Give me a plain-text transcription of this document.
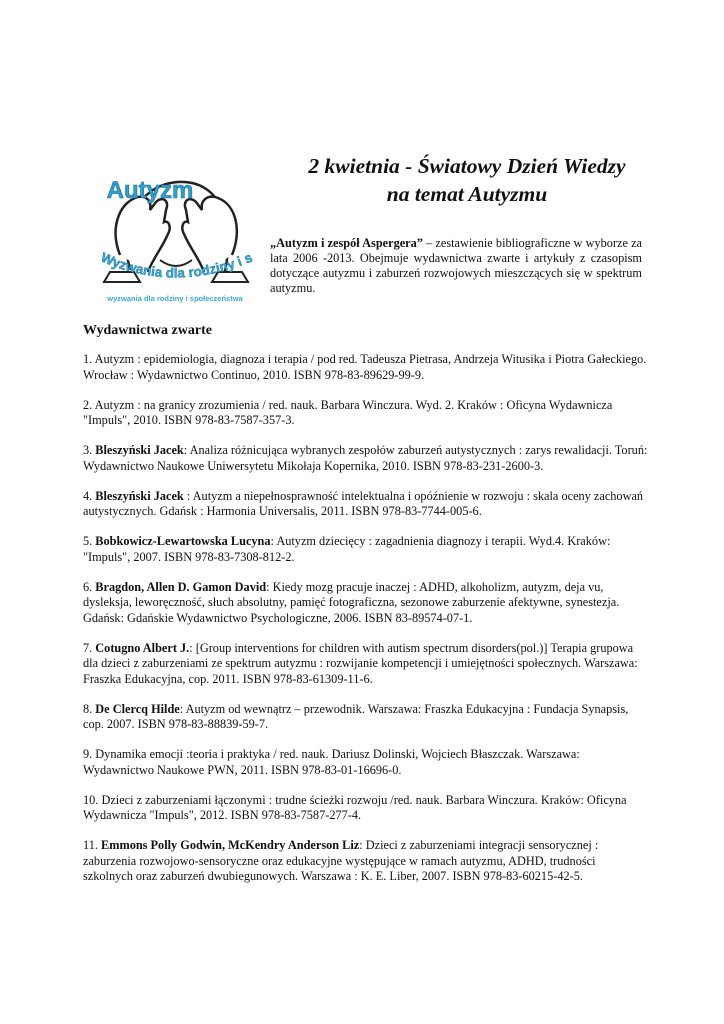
Autyzm
Wyzwania dla rodziny i s
wyzwania dla rodziny i społeczeństwa
2 kwietnia - Światowy Dzień Wiedzy
na temat Autyzmu

„Autyzm i zespół Aspergera” – zestawienie bibliograficzne w wyborze za lata 2006 -2013. Obejmuje wydawnictwa zwarte i artykuły z czasopism dotyczące autyzmu i zaburzeń rozwojowych mieszczących się w spektrum autyzmu.

Wydawnictwa zwarte
1. Autyzm : epidemiologia, diagnoza i terapia / pod red. Tadeusza Pietrasa, Andrzeja Witusika i Piotra Gałeckiego. Wrocław : Wydawnictwo Continuo, 2010. ISBN 978-83-89629-99-9.
2. Autyzm : na granicy zrozumienia / red. nauk. Barbara Winczura. Wyd. 2. Kraków : Oficyna Wydawnicza "Impuls", 2010. ISBN 978-83-7587-357-3.
3. Bleszyński Jacek: Analiza różnicująca wybranych zespołów zaburzeń autystycznych : zarys rewalidacji. Toruń: Wydawnictwo Naukowe Uniwersytetu Mikołaja Kopernika, 2010. ISBN 978-83-231-2600-3.
4. Bleszyński Jacek : Autyzm a niepełnosprawność intelektualna i opóźnienie w rozwoju : skala oceny zachowań autystycznych. Gdańsk : Harmonia Universalis, 2011. ISBN 978-83-7744-005-6.
5. Bobkowicz-Lewartowska Lucyna: Autyzm dziecięcy : zagadnienia diagnozy i terapii. Wyd.4. Kraków: "Impuls", 2007. ISBN 978-83-7308-812-2.
6. Bragdon, Allen D. Gamon David: Kiedy mozg pracuje inaczej : ADHD, alkoholizm, autyzm, deja vu, dysleksja, leworęczność, słuch absolutny, pamięć fotograficzna, sezonowe zaburzenie afektywne, synestezja. Gdańsk: Gdańskie Wydawnictwo Psychologiczne, 2006. ISBN 83-89574-07-1.
7. Cotugno Albert J.: [Group interventions for children with autism spectrum disorders(pol.)] Terapia grupowa dla dzieci z zaburzeniami ze spektrum autyzmu : rozwijanie kompetencji i umiejętności społecznych. Warszawa: Fraszka Edukacyjna, cop. 2011. ISBN 978-83-61309-11-6.
8. De Clercq Hilde: Autyzm od wewnątrz – przewodnik. Warszawa: Fraszka Edukacyjna : Fundacja Synapsis, cop. 2007. ISBN 978-83-88839-59-7.
9. Dynamika emocji :teoria i praktyka / red. nauk. Dariusz Dolinski, Wojciech Błaszczak. Warszawa: Wydawnictwo Naukowe PWN, 2011. ISBN 978-83-01-16696-0.
10. Dzieci z zaburzeniami łączonymi : trudne ścieżki rozwoju /red. nauk. Barbara Winczura. Kraków: Oficyna Wydawnicza "Impuls", 2012. ISBN 978-83-7587-277-4.
11. Emmons Polly Godwin, McKendry Anderson Liz: Dzieci z zaburzeniami integracji sensorycznej : zaburzenia rozwojowo-sensoryczne oraz edukacyjne występujące w ramach autyzmu, ADHD, trudności szkolnych oraz zaburzeń dwubiegunowych. Warszawa : K. E. Liber, 2007. ISBN 978-83-60215-42-5.
